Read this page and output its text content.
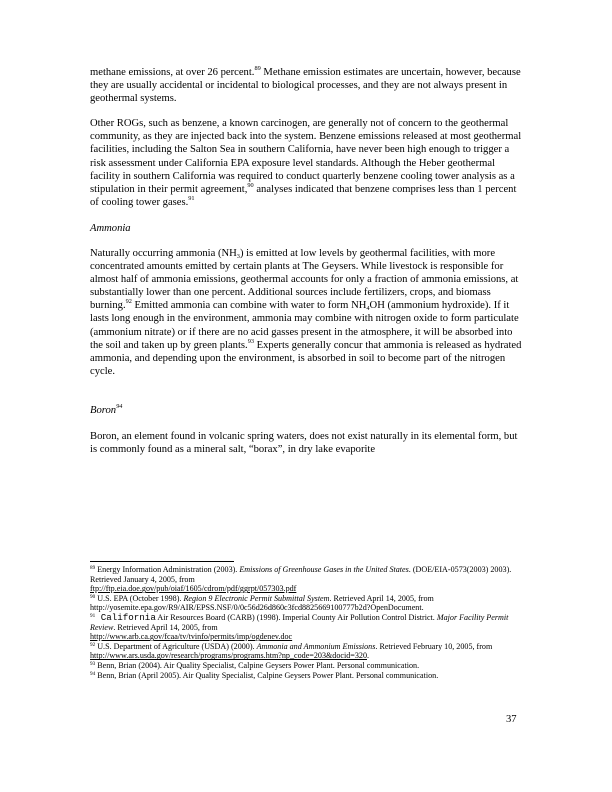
methane emissions, at over 26 percent.$^{89}$ Methane emission estimates are uncertain, however, because they are usually accidental or incidental to biological processes, and they are not always present in geothermal systems.

Other ROGs, such as benzene, a known carcinogen, are generally not of concern to the geothermal community, as they are injected back into the system. Benzene emissions released at most geothermal facilities, including the Salton Sea in southern California, have never been high enough to trigger a risk assessment under California EPA exposure level standards. Although the Heber geothermal facility in southern California was required to conduct quarterly benzene cooling tower analysis as a stipulation in their permit agreement,$^{90}$ analyses indicated that benzene comprises less than 1 percent of cooling tower gases.$^{91}$

Ammonia

Naturally occurring ammonia $(NH_3)$ is emitted at low levels by geothermal facilities, with more concentrated amounts emitted by certain plants at The Geysers. While livestock is responsible for almost half of ammonia emissions, geothermal accounts for only a fraction of ammonia emissions, at substantially lower than one percent. Additional sources include fertilizers, crops, and biomass burning.$^{92}$ Emitted ammonia can combine with water to form $NH_4OH$ (ammonium hydroxide). If it lasts long enough in the environment, ammonia may combine with nitrogen oxide to form particulate (ammonium nitrate) or if there are no acid gasses present in the atmosphere, it will be absorbed into the soil and taken up by green plants.$^{93}$ Experts generally concur that ammonia is released as hydrated ammonia, and depending upon the environment, is absorbed in soil to become part of the nitrogen cycle.

Boron$^{94}$

Boron, an element found in volcanic spring waters, does not exist naturally in its elemental form, but is commonly found as a mineral salt, “borax”, in dry lake evaporite

$^{89}$ Energy Information Administration (2003). Emissions of Greenhouse Gases in the United States. (DOE/EIA-0573(2003) 2003). Retrieved January 4, 2005, from
ftp://ftp.eia.doe.gov/pub/oiaf/1605/cdrom/pdf/ggrpt/057303.pdf

$^{90}$ U.S. EPA (October 1998). Region 9 Electronic Permit Submittal System. Retrieved April 14, 2005, from http://yosemite.epa.gov/R9/AIR/EPSS.NSF/0/0c56d26d860c3fcd8825669100777b2d?OpenDocument.

$^{91}$ California Air Resources Board (CARB) (1998). Imperial County Air Pollution Control District. Major Facility Permit Review. Retrieved April 14, 2005, from
http://www.arb.ca.gov/fcaa/tv/tvinfo/permits/imp/ogdenev.doc

$^{92}$ U.S. Department of Agriculture (USDA) (2000). Ammonia and Ammonium Emissions. Retrieved February 10, 2005, from
http://www.ars.usda.gov/research/programs/programs.htm?np_code=203&docid=320.

$^{93}$ Benn, Brian (2004). Air Quality Specialist, Calpine Geysers Power Plant. Personal communication.

$^{94}$ Benn, Brian (April 2005). Air Quality Specialist, Calpine Geysers Power Plant. Personal communication.

37
